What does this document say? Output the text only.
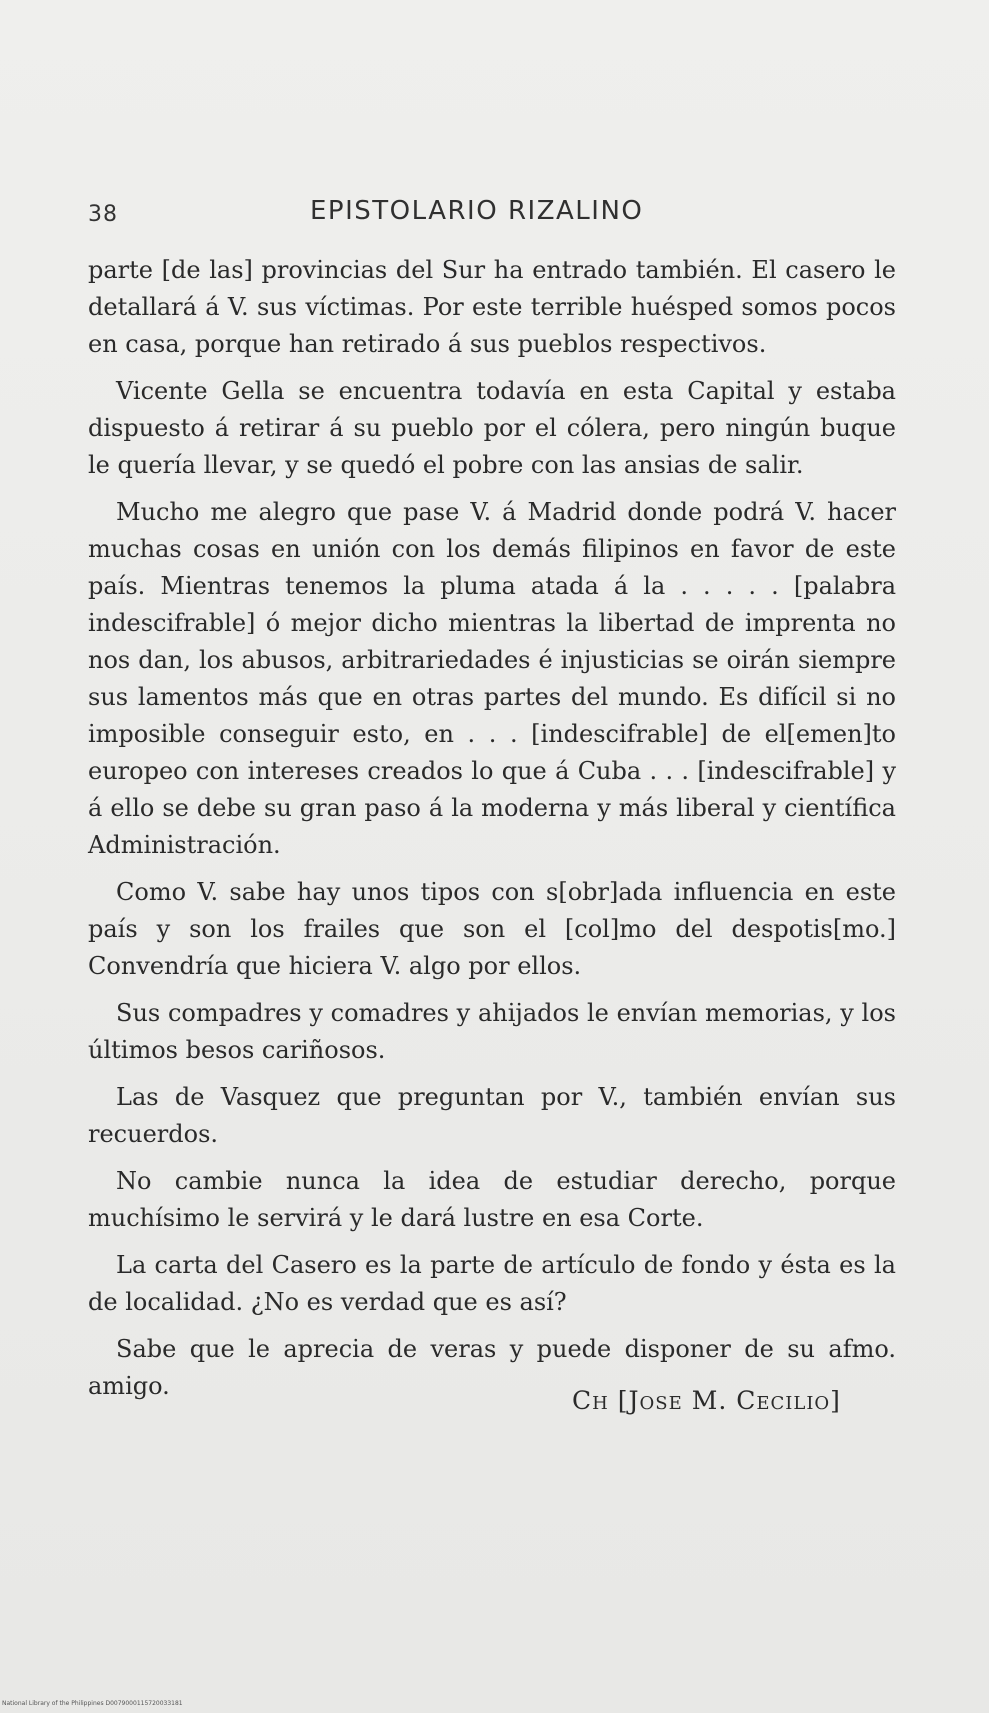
38	EPISTOLARIO RIZALINO

parte [de las] provincias del Sur ha entrado también. El casero le detallará á V. sus víctimas. Por este terrible huésped somos pocos en casa, porque han retirado á sus pueblos respectivos.

Vicente Gella se encuentra todavía en esta Capital y estaba dispuesto á retirar á su pueblo por el cólera, pero ningún buque le quería llevar, y se quedó el pobre con las ansias de salir.

Mucho me alegro que pase V. á Madrid donde podrá V. hacer muchas cosas en unión con los demás filipinos en favor de este país. Mientras tenemos la pluma atada á la . . . . . [palabra indescifrable] ó mejor dicho mientras la libertad de imprenta no nos dan, los abusos, arbitrariedades é injusticias se oirán siempre sus lamentos más que en otras partes del mundo. Es difícil si no imposible conseguir esto, en . . . [indescifrable] de el[emen]to europeo con intereses creados lo que á Cuba . . . [indescifrable] y á ello se debe su gran paso á la moderna y más liberal y científica Administración.

Como V. sabe hay unos tipos con s[obr]ada influencia en este país y son los frailes que son el [col]mo del despotis[mo.] Convendría que hiciera V. algo por ellos.

Sus compadres y comadres y ahijados le envían memorias, y los últimos besos cariñosos.

Las de Vasquez que preguntan por V., también envían sus recuerdos.

No cambie nunca la idea de estudiar derecho, porque muchísimo le servirá y le dará lustre en esa Corte.

La carta del Casero es la parte de artículo de fondo y ésta es la de localidad. ¿No es verdad que es así?

Sabe que le aprecia de veras y puede disponer de su afmo. amigo.	Ch [Jose M. Cecilio]
National Library of the Philippines D0079000115720033181
